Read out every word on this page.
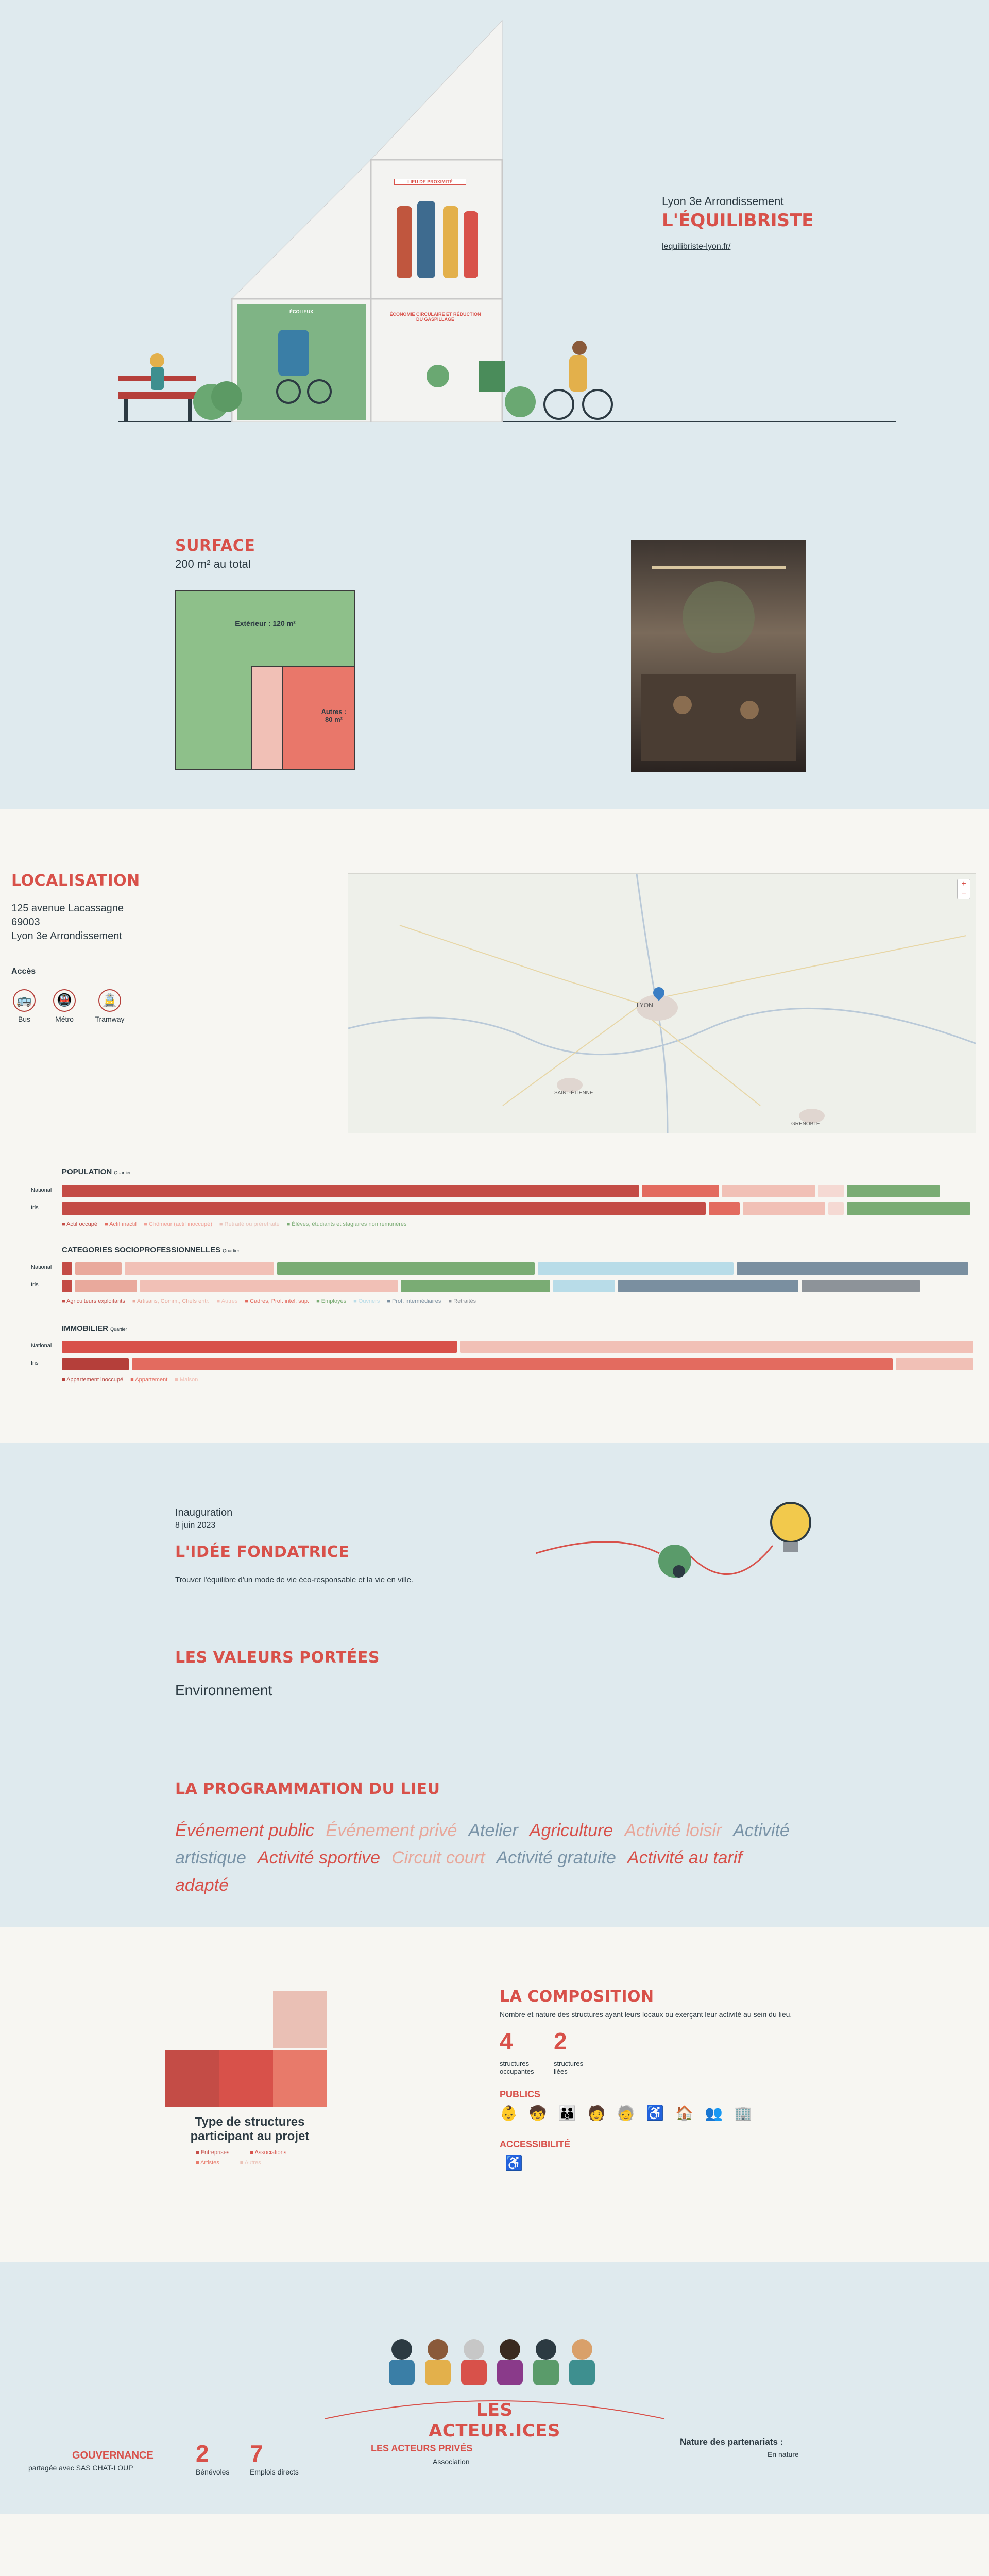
LIEU DE PROXIMITÉ
ÉCOLIEUX	ÉCONOMIE CIRCULAIRE ET RÉDUCTION DU GASPILLAGE
Lyon 3e Arrondissement
L'ÉQUILIBRISTE
lequilibriste-lyon.fr/
SURFACE
200 m² au total
Extérieur : 120 m²
Autres : 80 m²
LOCALISATION
125 avenue Lacassagne
69003
Lyon 3e Arrondissement
Accès
🚌
Bus
🚇
Métro
🚊
Tramway
LYON
SAINT-ÉTIENNE
GRENOBLE
+
−
POPULATION Quartier
National
Iris
■ Actif occupé	■ Actif inactif	■ Chômeur (actif inoccupé)	■ Retraité ou préretraité	■ Élèves, étudiants et stagiaires non rémunérés
CATEGORIES SOCIOPROFESSIONNELLES Quartier
National
Iris
■ Agriculteurs exploitants	■ Artisans, Comm., Chefs entr.	■ Autres	■ Cadres, Prof. intel. sup.	■ Employés	■ Ouvriers	■ Prof. intermédiaires	■ Retraités
IMMOBILIER Quartier
National
Iris
■ Appartement inoccupé	■ Appartement	■ Maison
Inauguration
8 juin 2023
L'IDÉE FONDATRICE
Trouver l'équilibre d'un mode de vie éco-responsable et la vie en ville.
LES VALEURS PORTÉES
Environnement
LA PROGRAMMATION DU LIEU
Événement public Événement privé Atelier Agriculture Activité loisir Activité artistique Activité sportive Circuit court Activité gratuite Activité au tarif adapté
Type de structures participant au projet
■ Entreprises	■ Associations
■ Artistes	■ Autres
LA COMPOSITION
Nombre et nature des structures ayant leurs locaux ou exerçant leur activité au sein du lieu.
4
structures occupantes
2
structures liées
PUBLICS
👶 🧒 👪 🧑 🧓 ♿ 🏠 👥 🏢
ACCESSIBILITÉ
♿
LES ACTEUR.ICES
GOUVERNANCE
partagée avec SAS CHAT-LOUP
2
Bénévoles
7
Emplois directs
LES ACTEURS PRIVÉS
Association
Nature des partenariats :
En nature
